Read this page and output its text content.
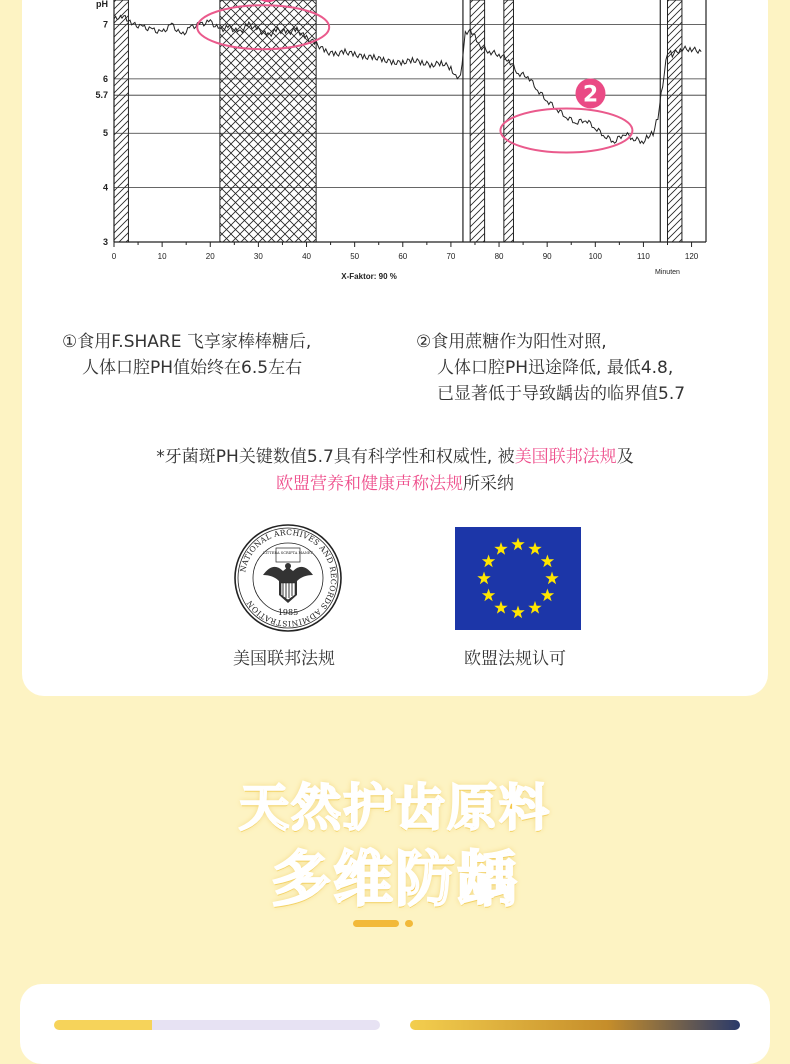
0	10	20	30	40	50	60	70	80	90	100	110	120
3
4
5
5.7
6
7
pH
X-Faktor: 90 %	Minuten
2
①食用F.SHARE 飞享家棒棒糖后,
人体口腔PH值始终在6.5左右
②食用蔗糖作为阳性对照,
人体口腔PH迅途降低, 最低4.8,
已显著低于导致龋齿的临界值5.7
*牙菌斑PH关键数值5.7具有科学性和权威性, 被美国联邦法规及
欧盟营养和健康声称法规所采纳
NATIONAL ARCHIVES AND RECORDS ADMINISTRATION
LITTERA SCRIPTA MANET
1985
美国联邦法规	欧盟法规认可
天然护齿原料
多维防龋
